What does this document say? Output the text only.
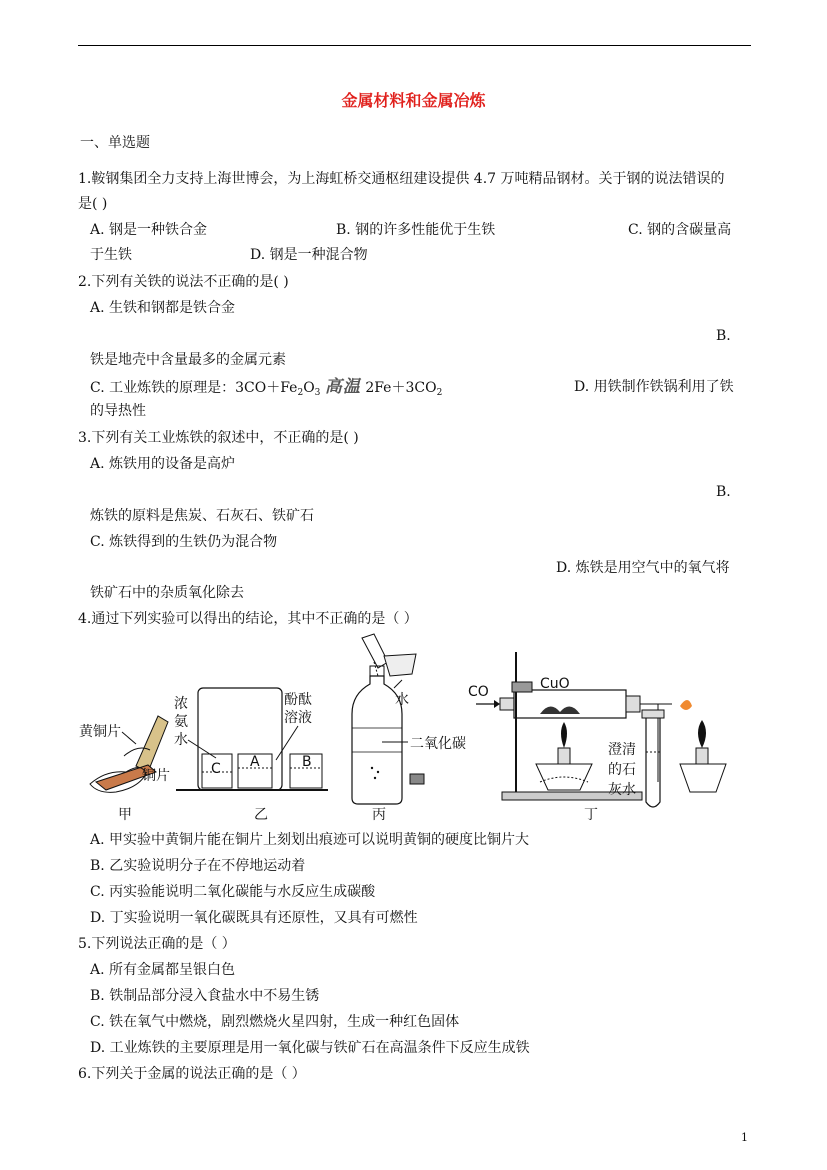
金属材料和金属冶炼
一、单选题
1.鞍钢集团全力支持上海世博会，为上海虹桥交通枢纽建设提供 4.7 万吨精品钢材。关于钢的说法错误的
是( )
A. 钢是一种铁合金	B. 钢的许多性能优于生铁	C. 钢的含碳量高
于生铁	D. 钢是一种混合物
2.下列有关铁的说法不正确的是( )
A. 生铁和钢都是铁合金
B.
铁是地壳中含量最多的金属元素
C. 工业炼铁的原理是：$3CO+Fe_2O_3$ 高温 $2Fe+3CO_2$	D. 用铁制作铁锅利用了铁
的导热性
3.下列有关工业炼铁的叙述中，不正确的是( )
A. 炼铁用的设备是高炉
B.
炼铁的原料是焦炭、石灰石、铁矿石
C. 炼铁得到的生铁仍为混合物
D. 炼铁是用空气中的氧气将
铁矿石中的杂质氧化除去
4.通过下列实验可以得出的结论，其中不正确的是（ ）
黄铜片
铜片
甲
C A	B
浓
氨
水
酚酞
溶液
乙
水
二氧化碳
丙
CO	CuO
澄清
的石
灰水
丁
A. 甲实验中黄铜片能在铜片上刻划出痕迹可以说明黄铜的硬度比铜片大
B. 乙实验说明分子在不停地运动着
C. 丙实验能说明二氧化碳能与水反应生成碳酸
D. 丁实验说明一氧化碳既具有还原性，又具有可燃性
5.下列说法正确的是（ ）
A. 所有金属都呈银白色
B. 铁制品部分浸入食盐水中不易生锈
C. 铁在氧气中燃烧，剧烈燃烧火星四射，生成一种红色固体
D. 工业炼铁的主要原理是用一氧化碳与铁矿石在高温条件下反应生成铁
6.下列关于金属的说法正确的是（ ）
1
